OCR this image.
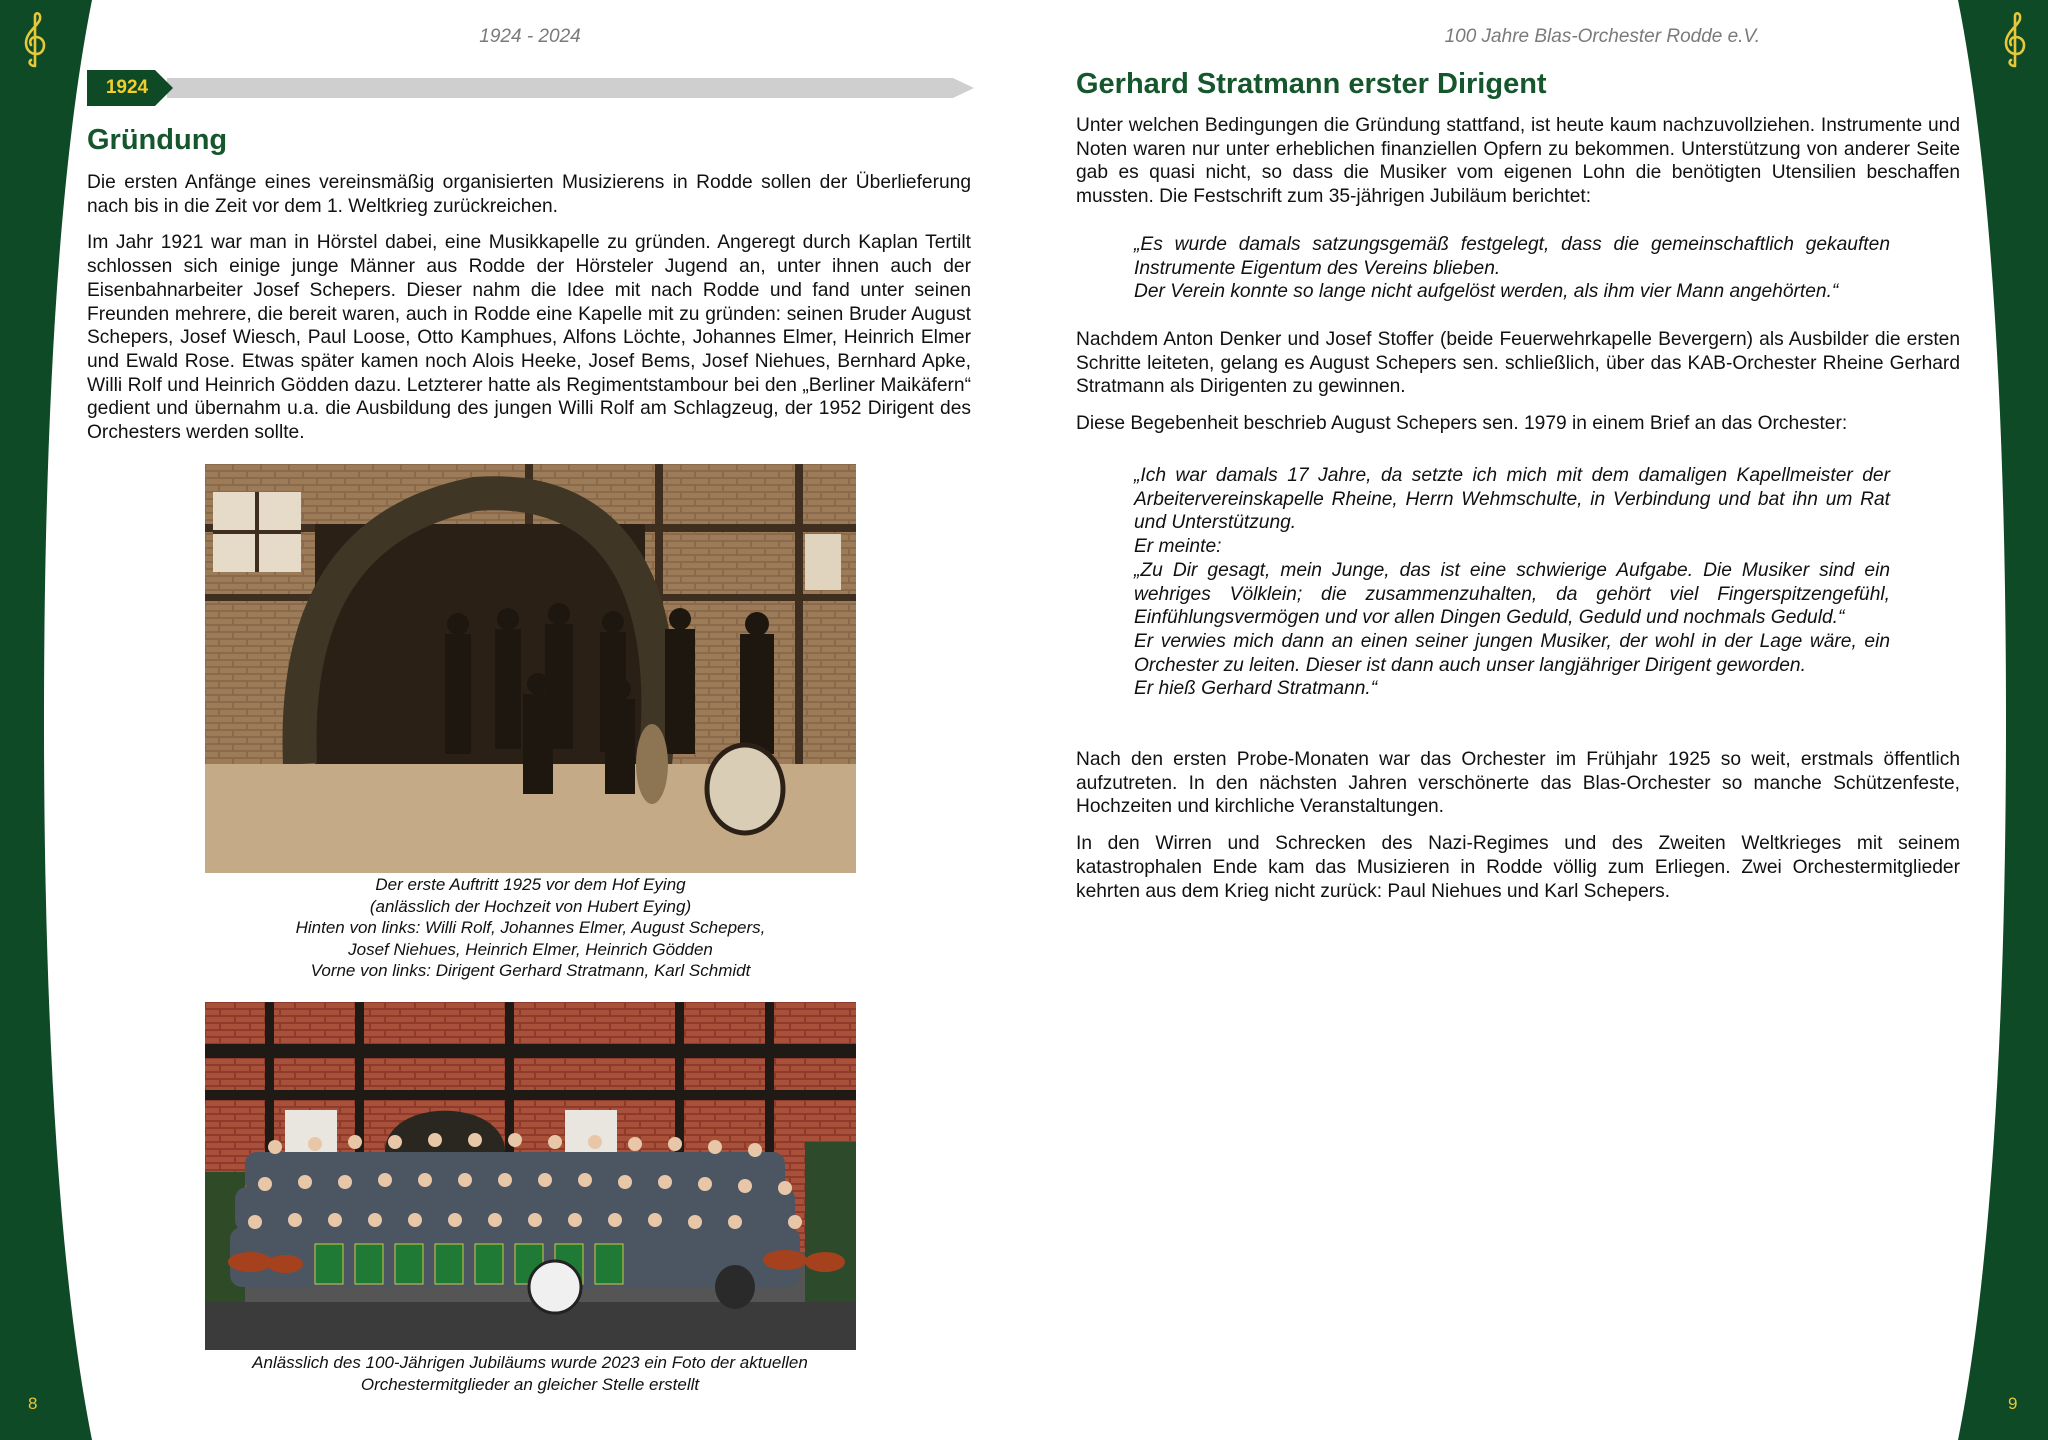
1924 - 2024	100 Jahre Blas-Orchester Rodde e.V.
8	9
1924
Gründung

Die ersten Anfänge eines vereinsmäßig organisierten Musizierens in Rodde sollen der Überlieferung nach bis in die Zeit vor dem 1. Weltkrieg zurückreichen.

Im Jahr 1921 war man in Hörstel dabei, eine Musikkapelle zu gründen. Angeregt durch Kaplan Tertilt schlossen sich einige junge Männer aus Rodde der Hörsteler Jugend an, unter ihnen auch der Eisenbahnarbeiter Josef Schepers. Dieser nahm die Idee mit nach Rodde und fand unter seinen Freunden mehrere, die bereit waren, auch in Rodde eine Kapelle mit zu gründen: seinen Bruder August Schepers, Josef Wiesch, Paul Loose, Otto Kamphues, Alfons Löchte, Johannes Elmer, Heinrich Elmer und Ewald Rose. Etwas später kamen noch Alois Heeke, Josef Bems, Josef Niehues, Bernhard Apke, Willi Rolf und Heinrich Gödden dazu. Letzterer hatte als Regimentstambour bei den „Berliner Maikäfern“ gedient und übernahm u.a. die Ausbildung des jungen Willi Rolf am Schlagzeug, der 1952 Dirigent des Orchesters werden sollte.

Der erste Auftritt 1925 vor dem Hof Eying
(anlässlich der Hochzeit von Hubert Eying)
Hinten von links: Willi Rolf, Johannes Elmer, August Schepers,
Josef Niehues, Heinrich Elmer, Heinrich Gödden
Vorne von links: Dirigent Gerhard Stratmann, Karl Schmidt
Anlässlich des 100-Jährigen Jubiläums wurde 2023 ein Foto der aktuellen
Orchestermitglieder an gleicher Stelle erstellt
Gerhard Stratmann erster Dirigent

Unter welchen Bedingungen die Gründung stattfand, ist heute kaum nachzuvollziehen. Instrumente und Noten waren nur unter erheblichen finanziellen Opfern zu bekommen. Unterstützung von anderer Seite gab es quasi nicht, so dass die Musiker vom eigenen Lohn die benötigten Utensilien beschaffen mussten. Die Festschrift zum 35-jährigen Jubiläum berichtet:

„Es wurde damals satzungsgemäß festgelegt, dass die gemeinschaftlich gekauften Instrumente Eigentum des Vereins blieben.

Der Verein konnte so lange nicht aufgelöst werden, als ihm vier Mann angehörten.“

Nachdem Anton Denker und Josef Stoffer (beide Feuerwehrkapelle Bevergern) als Ausbilder die ersten Schritte leiteten, gelang es August Schepers sen. schließlich, über das KAB-Orchester Rheine Gerhard Stratmann als Dirigenten zu gewinnen.

Diese Begebenheit beschrieb August Schepers sen. 1979 in einem Brief an das Orchester:

„Ich war damals 17 Jahre, da setzte ich mich mit dem damaligen Kapellmeister der Arbeitervereinskapelle Rheine, Herrn Wehmschulte, in Verbindung und bat ihn um Rat und Unterstützung.

Er meinte:

„Zu Dir gesagt, mein Junge, das ist eine schwierige Aufgabe. Die Musiker sind ein wehriges Völklein; die zusammenzuhalten, da gehört viel Fingerspitzengefühl, Einfühlungsvermögen und vor allen Dingen Geduld, Geduld und nochmals Geduld.“

Er verwies mich dann an einen seiner jungen Musiker, der wohl in der Lage wäre, ein Orchester zu leiten. Dieser ist dann auch unser langjähriger Dirigent geworden.

Er hieß Gerhard Stratmann.“

Nach den ersten Probe-Monaten war das Orchester im Frühjahr 1925 so weit, erstmals öffentlich aufzutreten. In den nächsten Jahren verschönerte das Blas-Orchester so manche Schützenfeste, Hochzeiten und kirchliche Veranstaltungen.

In den Wirren und Schrecken des Nazi-Regimes und des Zweiten Weltkrieges mit seinem katastrophalen Ende kam das Musizieren in Rodde völlig zum Erliegen. Zwei Orchestermitglieder kehrten aus dem Krieg nicht zurück: Paul Niehues und Karl Schepers.
